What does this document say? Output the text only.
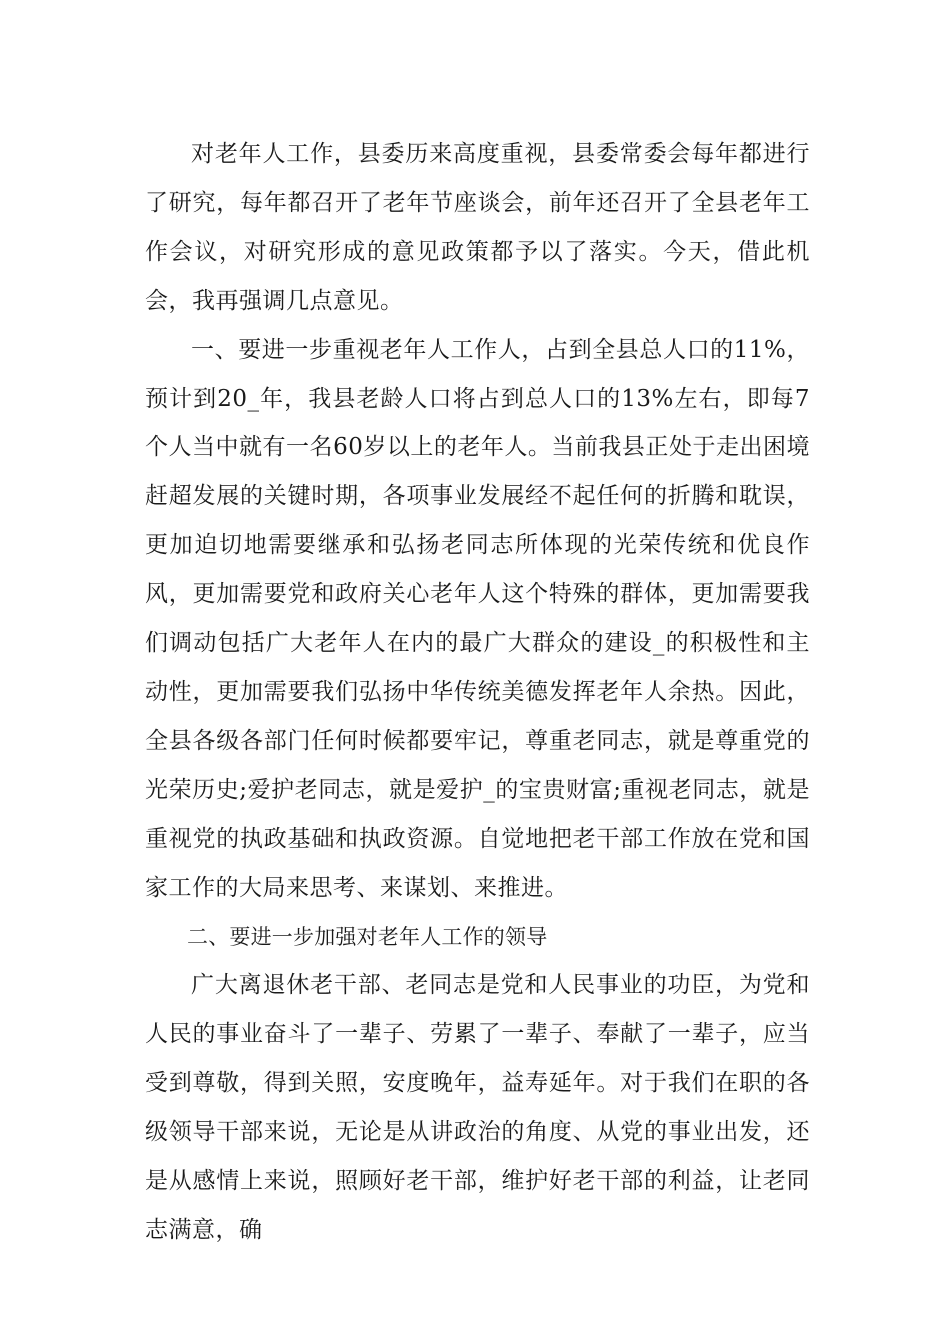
对老年人工作，县委历来高度重视，县委常委会每年都进行了研究，每年都召开了老年节座谈会，前年还召开了全县老年工作会议，对研究形成的意见政策都予以了落实。今天，借此机会，我再强调几点意见。

一、要进一步重视老年人工作人，占到全县总人口的11%，预计到20_年，我县老龄人口将占到总人口的13%左右，即每7个人当中就有一名60岁以上的老年人。当前我县正处于走出困境赶超发展的关键时期，各项事业发展经不起任何的折腾和耽误，更加迫切地需要继承和弘扬老同志所体现的光荣传统和优良作风，更加需要党和政府关心老年人这个特殊的群体，更加需要我们调动包括广大老年人在内的最广大群众的建设_的积极性和主动性，更加需要我们弘扬中华传统美德发挥老年人余热。因此，全县各级各部门任何时候都要牢记，尊重老同志，就是尊重党的光荣历史;爱护老同志，就是爱护_的宝贵财富;重视老同志，就是重视党的执政基础和执政资源。自觉地把老干部工作放在党和国家工作的大局来思考、来谋划、来推进。

二、要进一步加强对老年人工作的领导

广大离退休老干部、老同志是党和人民事业的功臣，为党和人民的事业奋斗了一辈子、劳累了一辈子、奉献了一辈子，应当受到尊敬，得到关照，安度晚年，益寿延年。对于我们在职的各级领导干部来说，无论是从讲政治的角度、从党的事业出发，还是从感情上来说，照顾好老干部，维护好老干部的利益，让老同志满意，确
